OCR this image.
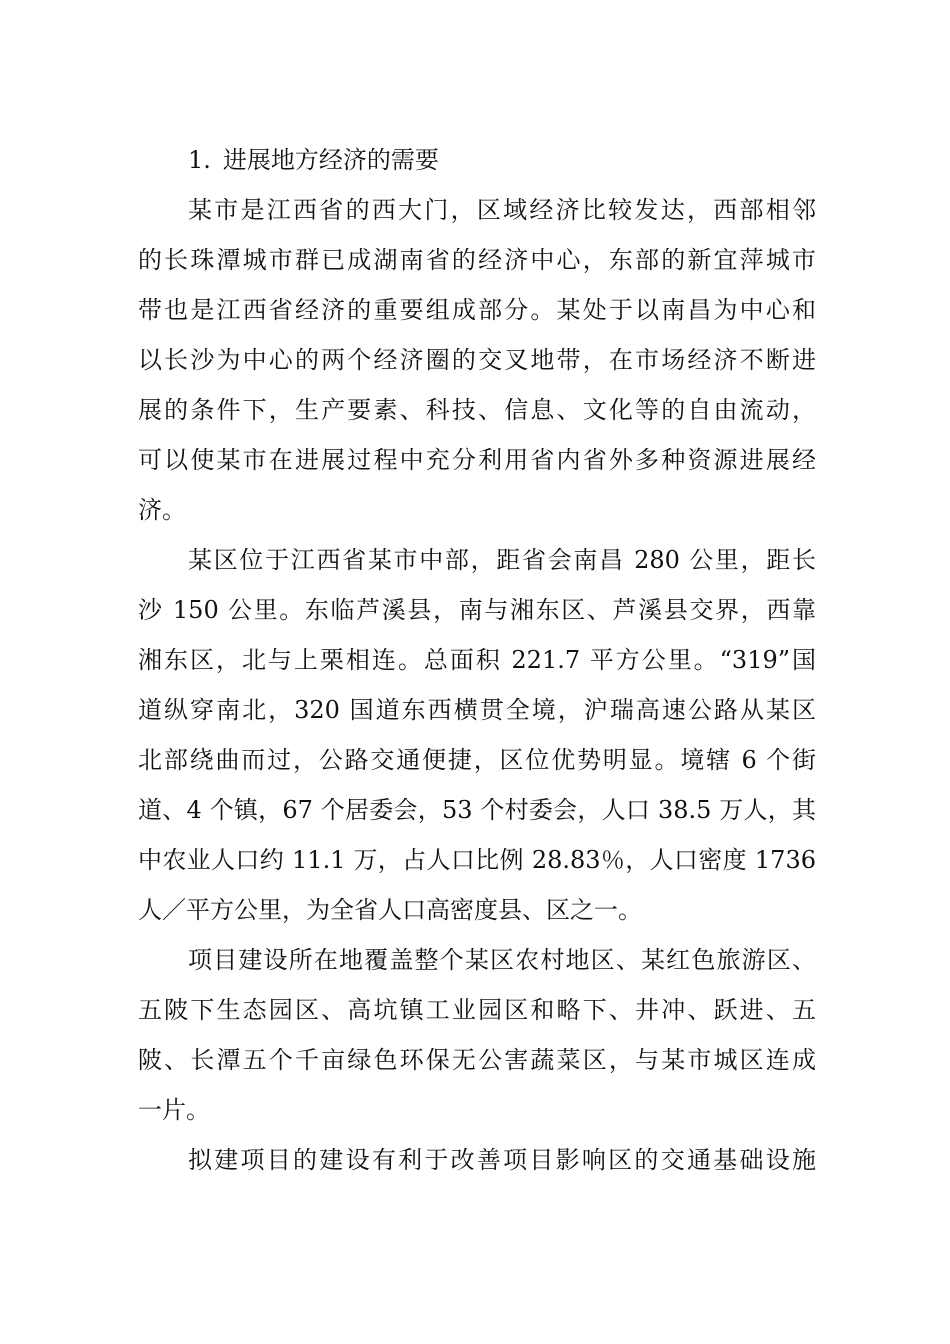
1. 进展地方经济的需要
某市是江西省的西大门，区域经济比较发达，西部相邻
的长珠潭城市群已成湖南省的经济中心，东部的新宜萍城市
带也是江西省经济的重要组成部分。某处于以南昌为中心和
以长沙为中心的两个经济圈的交叉地带，在市场经济不断进
展的条件下，生产要素、科技、信息、文化等的自由流动，
可以使某市在进展过程中充分利用省内省外多种资源进展经
济。
某区位于江西省某市中部，距省会南昌 280 公里，距长
沙 150 公里。东临芦溪县，南与湘东区、芦溪县交界，西靠
湘东区，北与上栗相连。总面积 221.7 平方公里。“319”国
道纵穿南北，320 国道东西横贯全境，沪瑞高速公路从某区
北部绕曲而过，公路交通便捷，区位优势明显。境辖 6 个街
道、4 个镇，67 个居委会，53 个村委会，人口 38.5 万人，其
中农业人口约 11.1 万，占人口比例 28.83％，人口密度 1736
人／平方公里，为全省人口高密度县、区之一。
项目建设所在地覆盖整个某区农村地区、某红色旅游区、
五陂下生态园区、高坑镇工业园区和略下、井冲、跃进、五
陂、长潭五个千亩绿色环保无公害蔬菜区，与某市城区连成
一片。
拟建项目的建设有利于改善项目影响区的交通基础设施
